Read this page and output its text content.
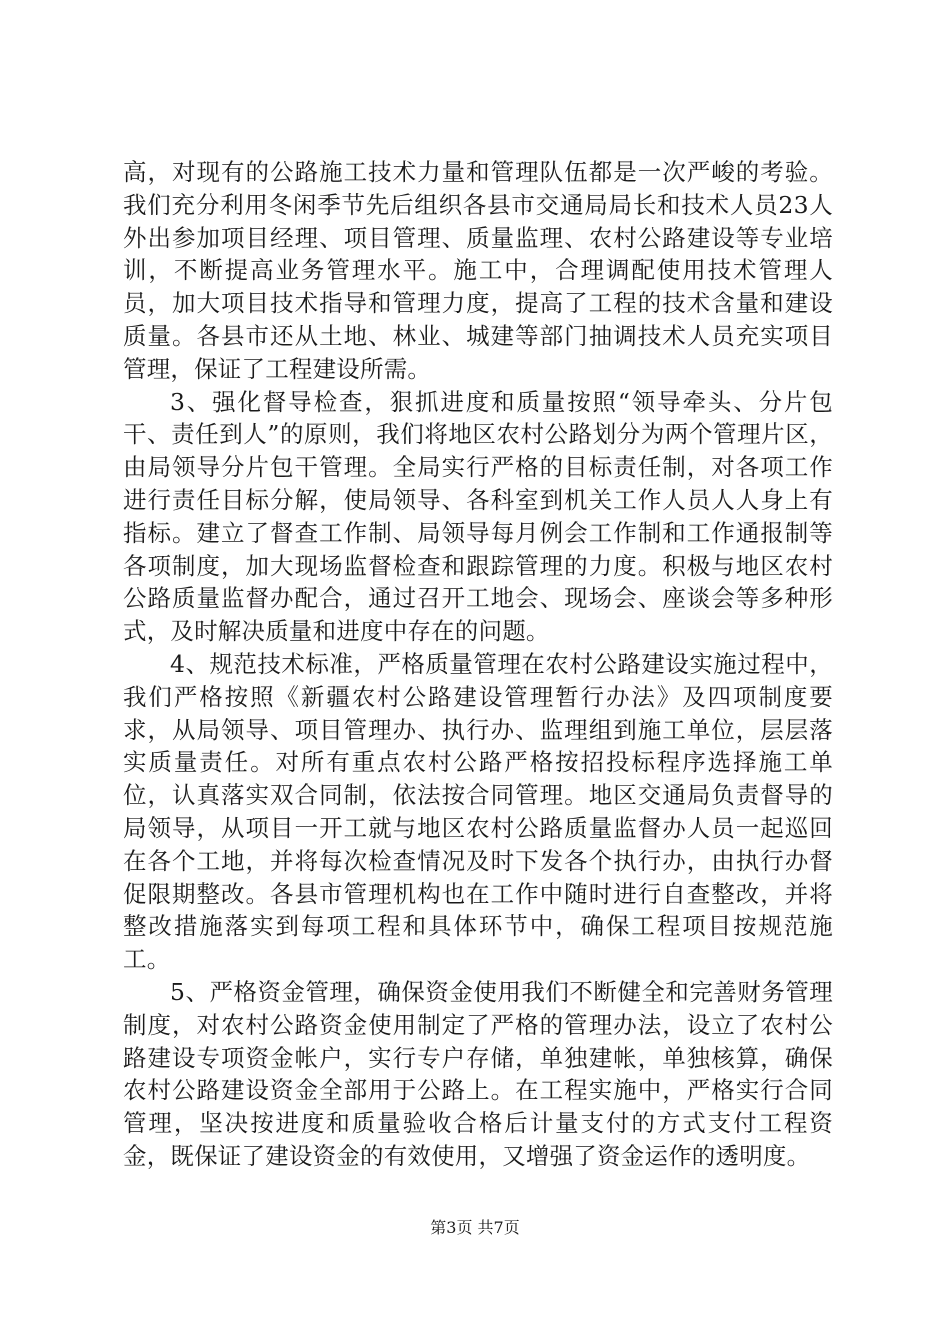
高，对现有的公路施工技术力量和管理队伍都是一次严峻的考验。我们充分利用冬闲季节先后组织各县市交通局局长和技术人员23人外出参加项目经理、项目管理、质量监理、农村公路建设等专业培训，不断提高业务管理水平。施工中，合理调配使用技术管理人员，加大项目技术指导和管理力度，提高了工程的技术含量和建设质量。各县市还从土地、林业、城建等部门抽调技术人员充实项目管理，保证了工程建设所需。

3、强化督导检查，狠抓进度和质量按照“领导牵头、分片包干、责任到人”的原则，我们将地区农村公路划分为两个管理片区，由局领导分片包干管理。全局实行严格的目标责任制，对各项工作进行责任目标分解，使局领导、各科室到机关工作人员人人身上有指标。建立了督查工作制、局领导每月例会工作制和工作通报制等各项制度，加大现场监督检查和跟踪管理的力度。积极与地区农村公路质量监督办配合，通过召开工地会、现场会、座谈会等多种形式，及时解决质量和进度中存在的问题。

4、规范技术标准，严格质量管理在农村公路建设实施过程中，我们严格按照《新疆农村公路建设管理暂行办法》及四项制度要求，从局领导、项目管理办、执行办、监理组到施工单位，层层落实质量责任。对所有重点农村公路严格按招投标程序选择施工单位，认真落实双合同制，依法按合同管理。地区交通局负责督导的局领导，从项目一开工就与地区农村公路质量监督办人员一起巡回在各个工地，并将每次检查情况及时下发各个执行办，由执行办督促限期整改。各县市管理机构也在工作中随时进行自查整改，并将整改措施落实到每项工程和具体环节中，确保工程项目按规范施工。

5、严格资金管理，确保资金使用我们不断健全和完善财务管理制度，对农村公路资金使用制定了严格的管理办法，设立了农村公路建设专项资金帐户，实行专户存储，单独建帐，单独核算，确保农村公路建设资金全部用于公路上。在工程实施中，严格实行合同管理，坚决按进度和质量验收合格后计量支付的方式支付工程资金，既保证了建设资金的有效使用，又增强了资金运作的透明度。

第3页 共7页
